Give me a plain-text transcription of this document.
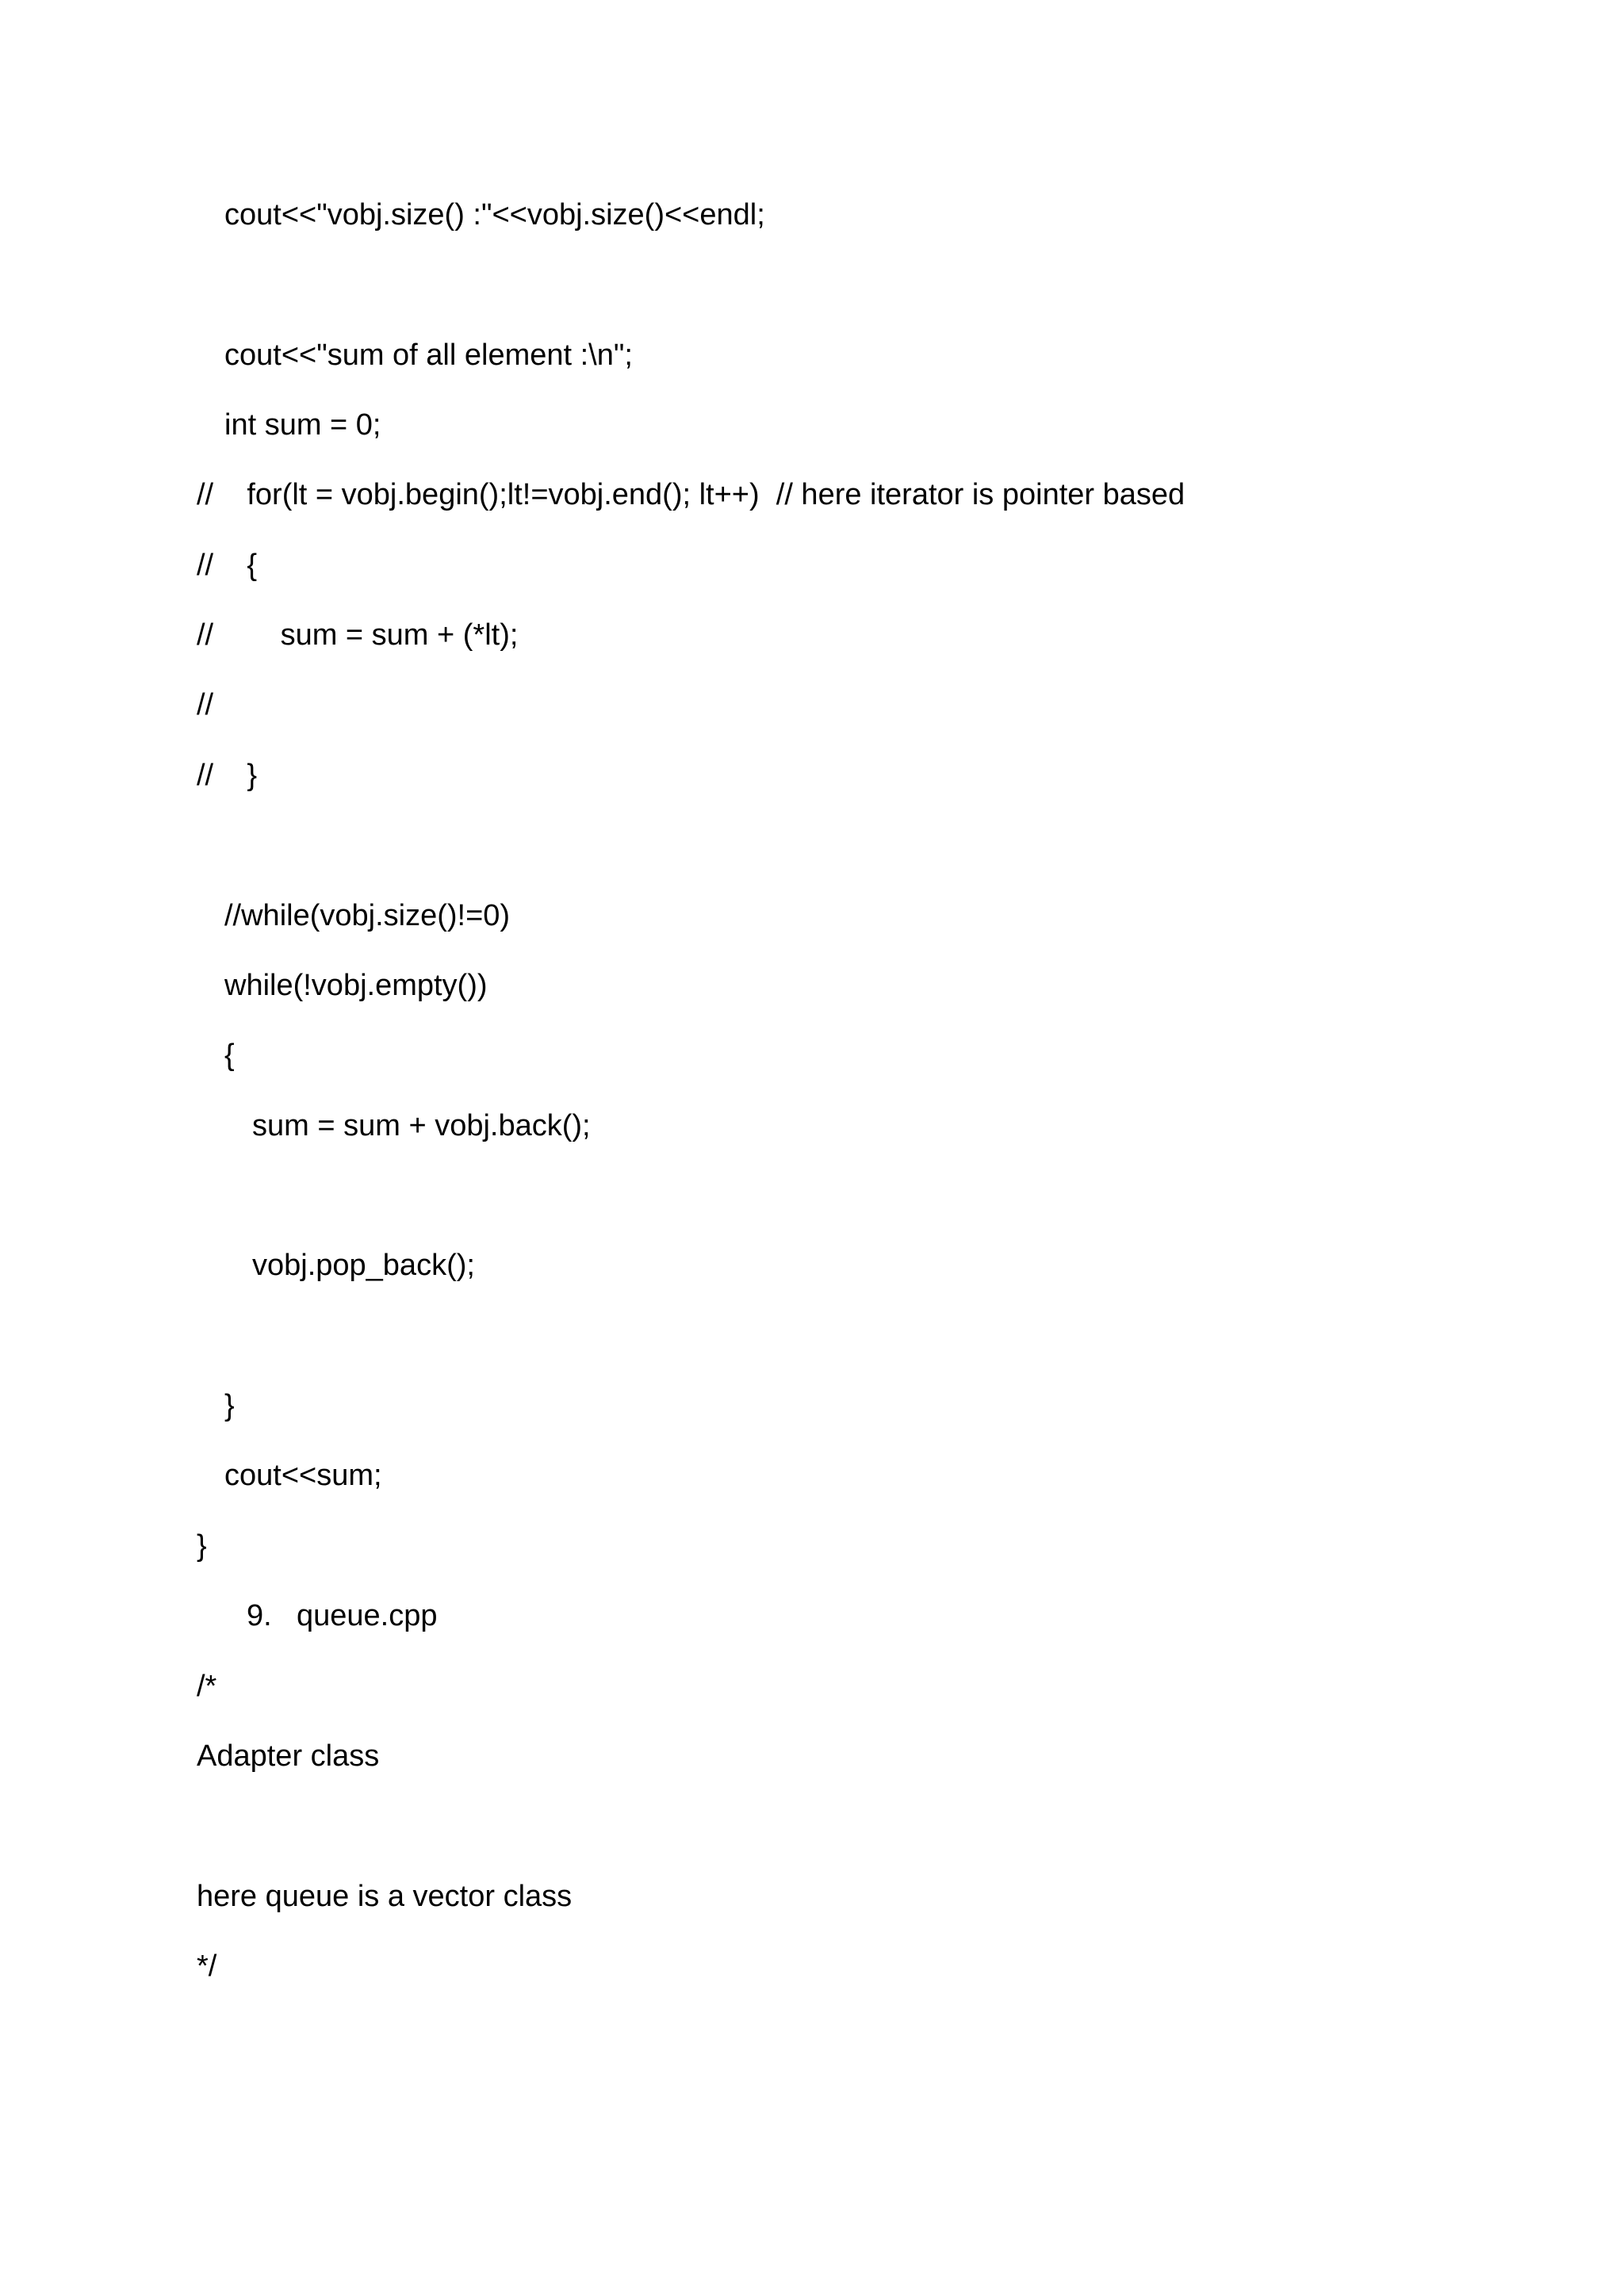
cout<<"vobj.size() :"<<vobj.size()<<endl;
cout<<"sum of all element :\n";
int sum = 0;
//    for(lt = vobj.begin();lt!=vobj.end(); lt++)  // here iterator is pointer based
//    {
//        sum = sum + (*lt);
//
//    }
//while(vobj.size()!=0)
while(!vobj.empty())
{
sum = sum + vobj.back();
vobj.pop_back();
}
cout<<sum;
}
9. queue.cpp
/*
Adapter class
here queue is a vector class
*/
